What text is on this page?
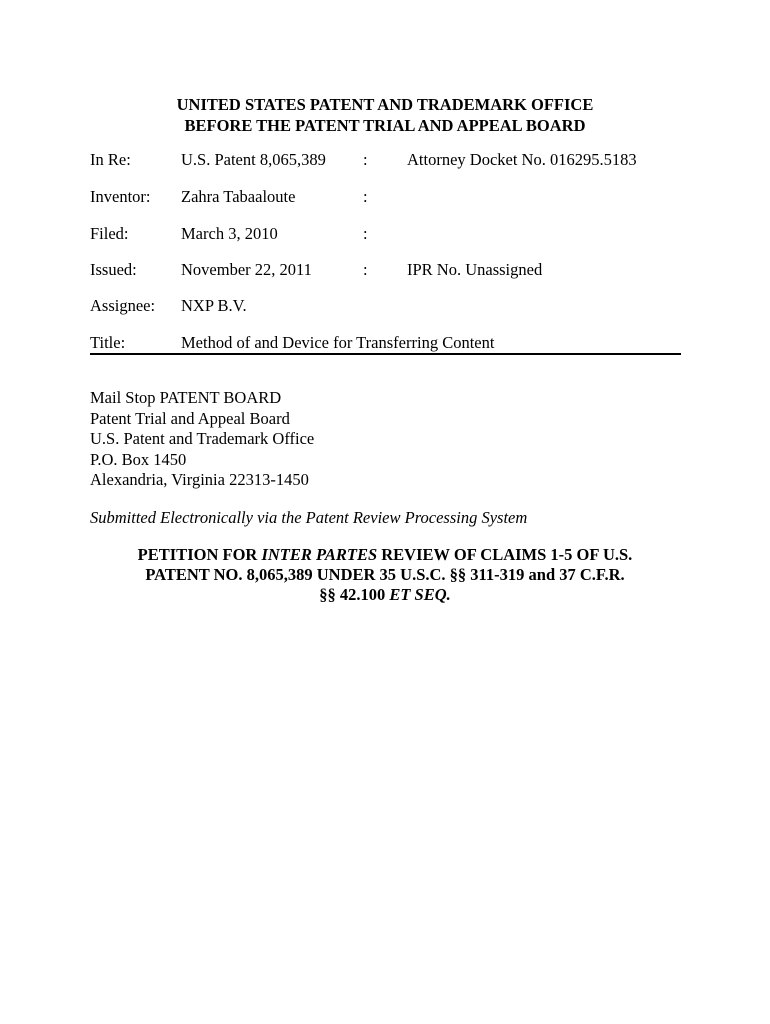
UNITED STATES PATENT AND TRADEMARK OFFICE
BEFORE THE PATENT TRIAL AND APPEAL BOARD
In Re:	U.S. Patent 8,065,389 : Attorney Docket No. 016295.5183
Inventor: Zahra Tabaaloute	:
Filed:	March 3, 2010	:
Issued:	November 22, 2011	: IPR No. Unassigned
Assignee: NXP B.V.
Title:	Method of and Device for Transferring Content
Mail Stop PATENT BOARD
Patent Trial and Appeal Board
U.S. Patent and Trademark Office
P.O. Box 1450
Alexandria, Virginia 22313-1450
Submitted Electronically via the Patent Review Processing System
PETITION FOR INTER PARTES REVIEW OF CLAIMS 1-5 OF U.S.
PATENT NO. 8,065,389 UNDER 35 U.S.C. §§ 311-319 and 37 C.F.R.
§§ 42.100 ET SEQ.
